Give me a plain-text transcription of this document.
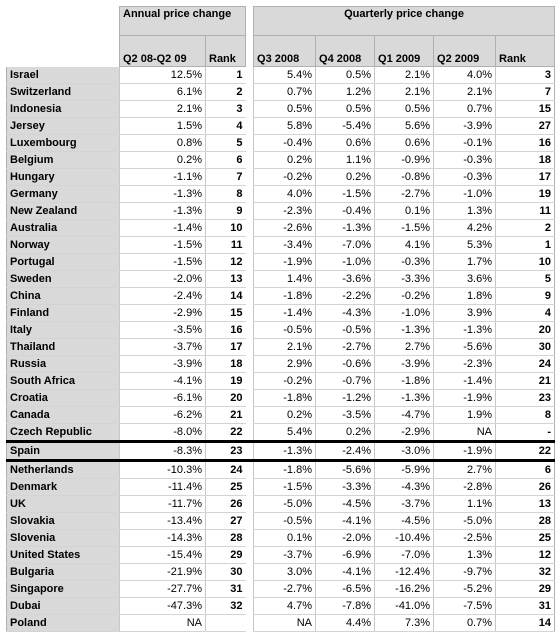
	Annual price change			Quarterly price change				
	Q2 08-Q2 09	Rank		Q3 2008	Q4 2008	Q1 2009	Q2 2009	Rank
Israel	12.5%	1		5.4%	0.5%	2.1%	4.0%	3
Switzerland	6.1%	2		0.7%	1.2%	2.1%	2.1%	7
Indonesia	2.1%	3		0.5%	0.5%	0.5%	0.7%	15
Jersey	1.5%	4		5.8%	-5.4%	5.6%	-3.9%	27
Luxembourg	0.8%	5		-0.4%	0.6%	0.6%	-0.1%	16
Belgium	0.2%	6		0.2%	1.1%	-0.9%	-0.3%	18
Hungary	-1.1%	7		-0.2%	0.2%	-0.8%	-0.3%	17
Germany	-1.3%	8		4.0%	-1.5%	-2.7%	-1.0%	19
New Zealand	-1.3%	9		-2.3%	-0.4%	0.1%	1.3%	11
Australia	-1.4%	10		-2.6%	-1.3%	-1.5%	4.2%	2
Norway	-1.5%	11		-3.4%	-7.0%	4.1%	5.3%	1
Portugal	-1.5%	12		-1.9%	-1.0%	-0.3%	1.7%	10
Sweden	-2.0%	13		1.4%	-3.6%	-3.3%	3.6%	5
China	-2.4%	14		-1.8%	-2.2%	-0.2%	1.8%	9
Finland	-2.9%	15		-1.4%	-4.3%	-1.0%	3.9%	4
Italy	-3.5%	16		-0.5%	-0.5%	-1.3%	-1.3%	20
Thailand	-3.7%	17		2.1%	-2.7%	2.7%	-5.6%	30
Russia	-3.9%	18		2.9%	-0.6%	-3.9%	-2.3%	24
South Africa	-4.1%	19		-0.2%	-0.7%	-1.8%	-1.4%	21
Croatia	-6.1%	20		-1.8%	-1.2%	-1.3%	-1.9%	23
Canada	-6.2%	21		0.2%	-3.5%	-4.7%	1.9%	8
Czech Republic	-8.0%	22		5.4%	0.2%	-2.9%	NA	-
Spain	-8.3%	23		-1.3%	-2.4%	-3.0%	-1.9%	22
Netherlands	-10.3%	24		-1.8%	-5.6%	-5.9%	2.7%	6
Denmark	-11.4%	25		-1.5%	-3.3%	-4.3%	-2.8%	26
UK	-11.7%	26		-5.0%	-4.5%	-3.7%	1.1%	13
Slovakia	-13.4%	27		-0.5%	-4.1%	-4.5%	-5.0%	28
Slovenia	-14.3%	28		0.1%	-2.0%	-10.4%	-2.5%	25
United States	-15.4%	29		-3.7%	-6.9%	-7.0%	1.3%	12
Bulgaria	-21.9%	30		3.0%	-4.1%	-12.4%	-9.7%	32
Singapore	-27.7%	31		-2.7%	-6.5%	-16.2%	-5.2%	29
Dubai	-47.3%	32		4.7%	-7.8%	-41.0%	-7.5%	31
Poland	NA			NA	4.4%	7.3%	0.7%	14
